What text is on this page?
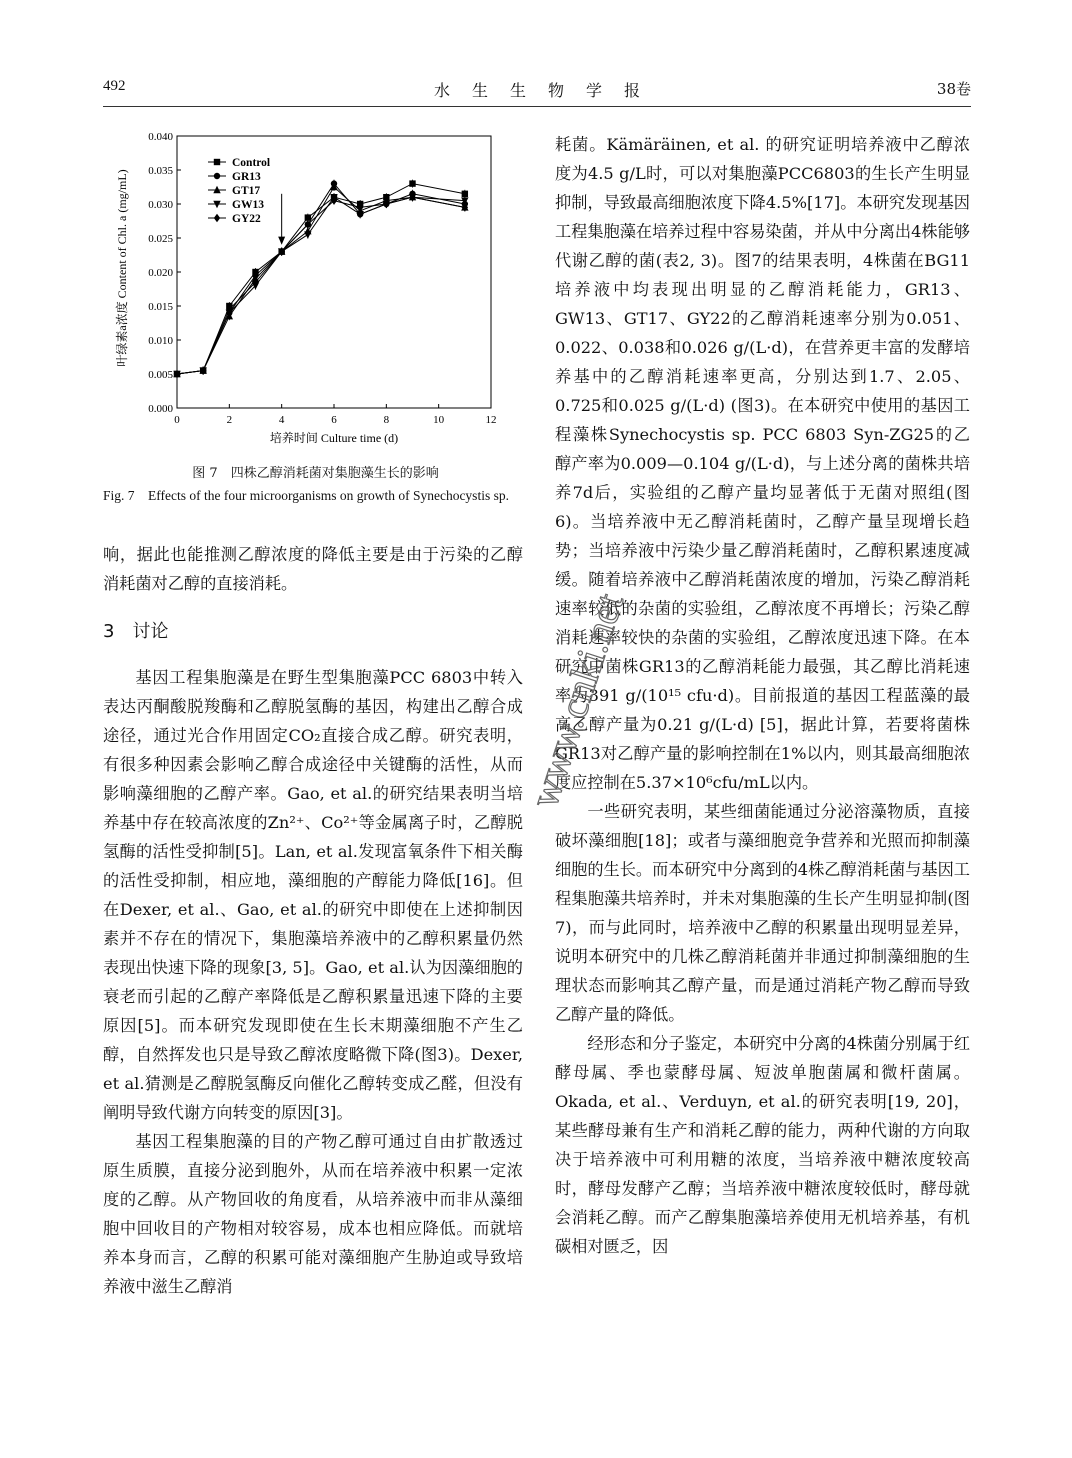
492	水生生物学报	38卷
0	2	4	6	8	10	12
0.000
0.005
0.010
0.015
0.020
0.025
0.030
0.035
0.040
Control
GR13
GT17
GW13
GY22
培养时间 Culture time (d)
叶绿素a浓度 Content of Chl. a (mg/mL)
图 7　四株乙醇消耗菌对集胞藻生长的影响
Fig. 7　Effects of the four microorganisms on growth of Synechocystis sp.

响，据此也能推测乙醇浓度的降低主要是由于污染的乙醇消耗菌对乙醇的直接消耗。

3　讨论

基因工程集胞藻是在野生型集胞藻PCC 6803中转入表达丙酮酸脱羧酶和乙醇脱氢酶的基因，构建出乙醇合成途径，通过光合作用固定CO₂直接合成乙醇。研究表明，有很多种因素会影响乙醇合成途径中关键酶的活性，从而影响藻细胞的乙醇产率。Gao, et al.的研究结果表明当培养基中存在较高浓度的Zn²⁺、Co²⁺等金属离子时，乙醇脱氢酶的活性受抑制[5]。Lan, et al.发现富氧条件下相关酶的活性受抑制，相应地，藻细胞的产醇能力降低[16]。但在Dexer, et al.、Gao, et al.的研究中即使在上述抑制因素并不存在的情况下，集胞藻培养液中的乙醇积累量仍然表现出快速下降的现象[3, 5]。Gao, et al.认为因藻细胞的衰老而引起的乙醇产率降低是乙醇积累量迅速下降的主要原因[5]。而本研究发现即使在生长末期藻细胞不产生乙醇，自然挥发也只是导致乙醇浓度略微下降(图3)。Dexer, et al.猜测是乙醇脱氢酶反向催化乙醇转变成乙醛，但没有阐明导致代谢方向转变的原因[3]。

基因工程集胞藻的目的产物乙醇可通过自由扩散透过原生质膜，直接分泌到胞外，从而在培养液中积累一定浓度的乙醇。从产物回收的角度看，从培养液中而非从藻细胞中回收目的产物相对较容易，成本也相应降低。而就培养本身而言，乙醇的积累可能对藻细胞产生胁迫或导致培养液中滋生乙醇消

耗菌。Kämäräinen, et al. 的研究证明培养液中乙醇浓度为4.5 g/L时，可以对集胞藻PCC6803的生长产生明显抑制，导致最高细胞浓度下降4.5%[17]。本研究发现基因工程集胞藻在培养过程中容易染菌，并从中分离出4株能够代谢乙醇的菌(表2, 3)。图7的结果表明，4株菌在BG11培养液中均表现出明显的乙醇消耗能力，GR13、GW13、GT17、GY22的乙醇消耗速率分别为0.051、0.022、0.038和0.026 g/(L·d)，在营养更丰富的发酵培养基中的乙醇消耗速率更高，分别达到1.7、2.05、0.725和0.025 g/(L·d) (图3)。在本研究中使用的基因工程藻株Synechocystis sp. PCC 6803 Syn-ZG25的乙醇产率为0.009—0.104 g/(L·d)，与上述分离的菌株共培养7d后，实验组的乙醇产量均显著低于无菌对照组(图6)。当培养液中无乙醇消耗菌时，乙醇产量呈现增长趋势；当培养液中污染少量乙醇消耗菌时，乙醇积累速度减缓。随着培养液中乙醇消耗菌浓度的增加，污染乙醇消耗速率较低的杂菌的实验组，乙醇浓度不再增长；污染乙醇消耗速率较快的杂菌的实验组，乙醇浓度迅速下降。在本研究中菌株GR13的乙醇消耗能力最强，其乙醇比消耗速率为391 g/(10¹⁵ cfu·d)。目前报道的基因工程蓝藻的最高乙醇产量为0.21 g/(L·d) [5]，据此计算，若要将菌株GR13对乙醇产量的影响控制在1%以内，则其最高细胞浓度应控制在5.37×10⁶cfu/mL以内。

一些研究表明，某些细菌能通过分泌溶藻物质，直接破坏藻细胞[18]；或者与藻细胞竞争营养和光照而抑制藻细胞的生长。而本研究中分离到的4株乙醇消耗菌与基因工程集胞藻共培养时，并未对集胞藻的生长产生明显抑制(图7)，而与此同时，培养液中乙醇的积累量出现明显差异，说明本研究中的几株乙醇消耗菌并非通过抑制藻细胞的生理状态而影响其乙醇产量，而是通过消耗产物乙醇而导致乙醇产量的降低。

经形态和分子鉴定，本研究中分离的4株菌分别属于红酵母属、季也蒙酵母属、短波单胞菌属和微杆菌属。Okada, et al.、Verduyn, et al.的研究表明[19, 20]，某些酵母兼有生产和消耗乙醇的能力，两种代谢的方向取决于培养液中可利用糖的浓度，当培养液中糖浓度较高时，酵母发酵产乙醇；当培养液中糖浓度较低时，酵母就会消耗乙醇。而产乙醇集胞藻培养使用无机培养基，有机碳相对匮乏，因

www.cnki.net
